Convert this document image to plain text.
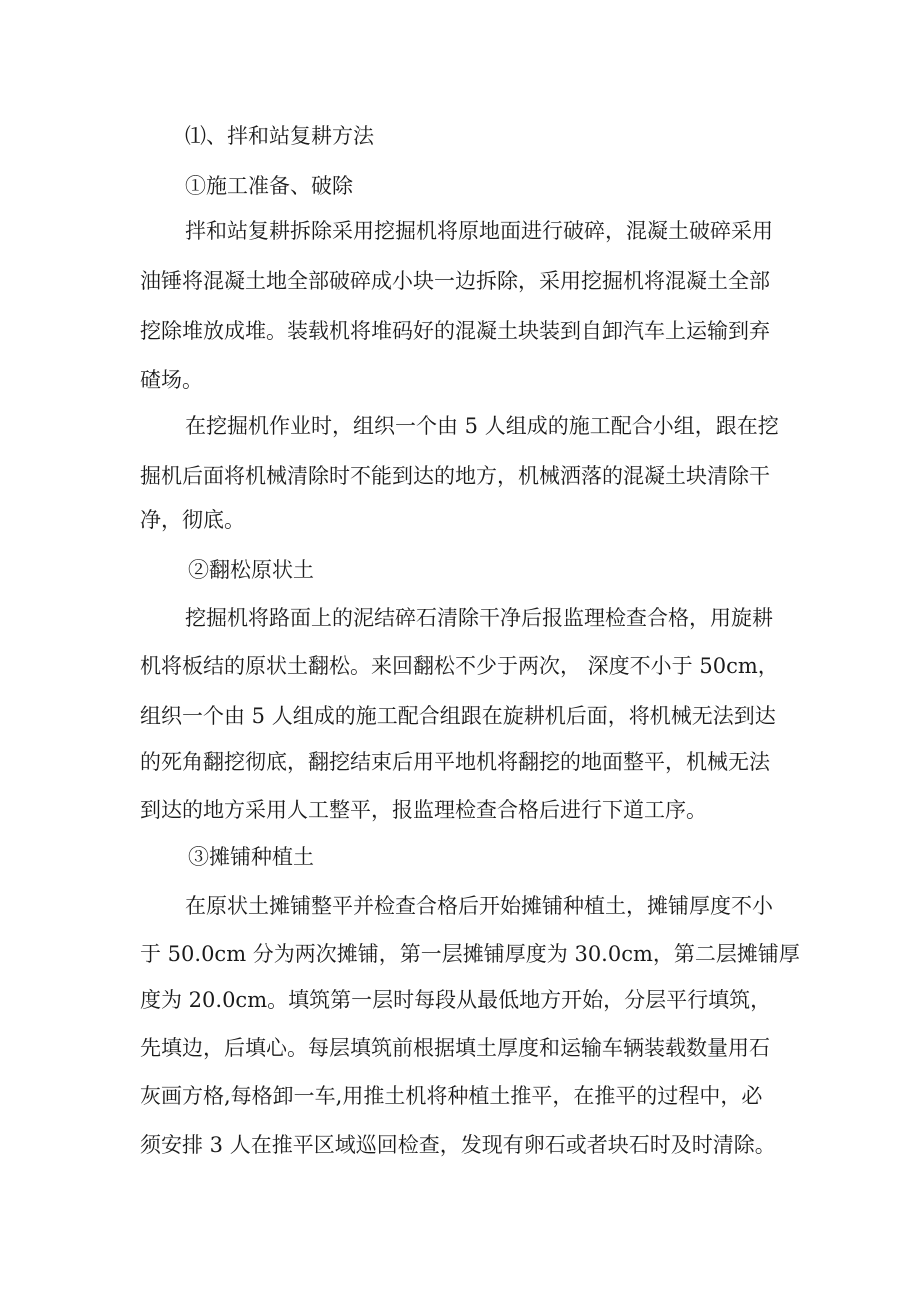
⑴、拌和站复耕方法

①施工准备、破除

拌和站复耕拆除采用挖掘机将原地面进行破碎，混凝土破碎采用

油锤将混凝土地全部破碎成小块一边拆除，采用挖掘机将混凝土全部

挖除堆放成堆。装载机将堆码好的混凝土块装到自卸汽车上运输到弃

碴场。

在挖掘机作业时，组织一个由 5 人组成的施工配合小组，跟在挖

掘机后面将机械清除时不能到达的地方，机械洒落的混凝土块清除干

净，彻底。

②翻松原状土

挖掘机将路面上的泥结碎石清除干净后报监理检查合格，用旋耕

机将板结的原状土翻松。来回翻松不少于两次， 深度不小于 50cm，

组织一个由 5 人组成的施工配合组跟在旋耕机后面，将机械无法到达

的死角翻挖彻底，翻挖结束后用平地机将翻挖的地面整平，机械无法

到达的地方采用人工整平，报监理检查合格后进行下道工序。

③摊铺种植土

在原状土摊铺整平并检查合格后开始摊铺种植土，摊铺厚度不小

于 50.0cm 分为两次摊铺，第一层摊铺厚度为 30.0cm，第二层摊铺厚

度为 20.0cm。填筑第一层时每段从最低地方开始，分层平行填筑，

先填边，后填心。每层填筑前根据填土厚度和运输车辆装载数量用石

灰画方格,每格卸一车,用推土机将种植土推平，在推平的过程中，必

须安排 3 人在推平区域巡回检查，发现有卵石或者块石时及时清除。
